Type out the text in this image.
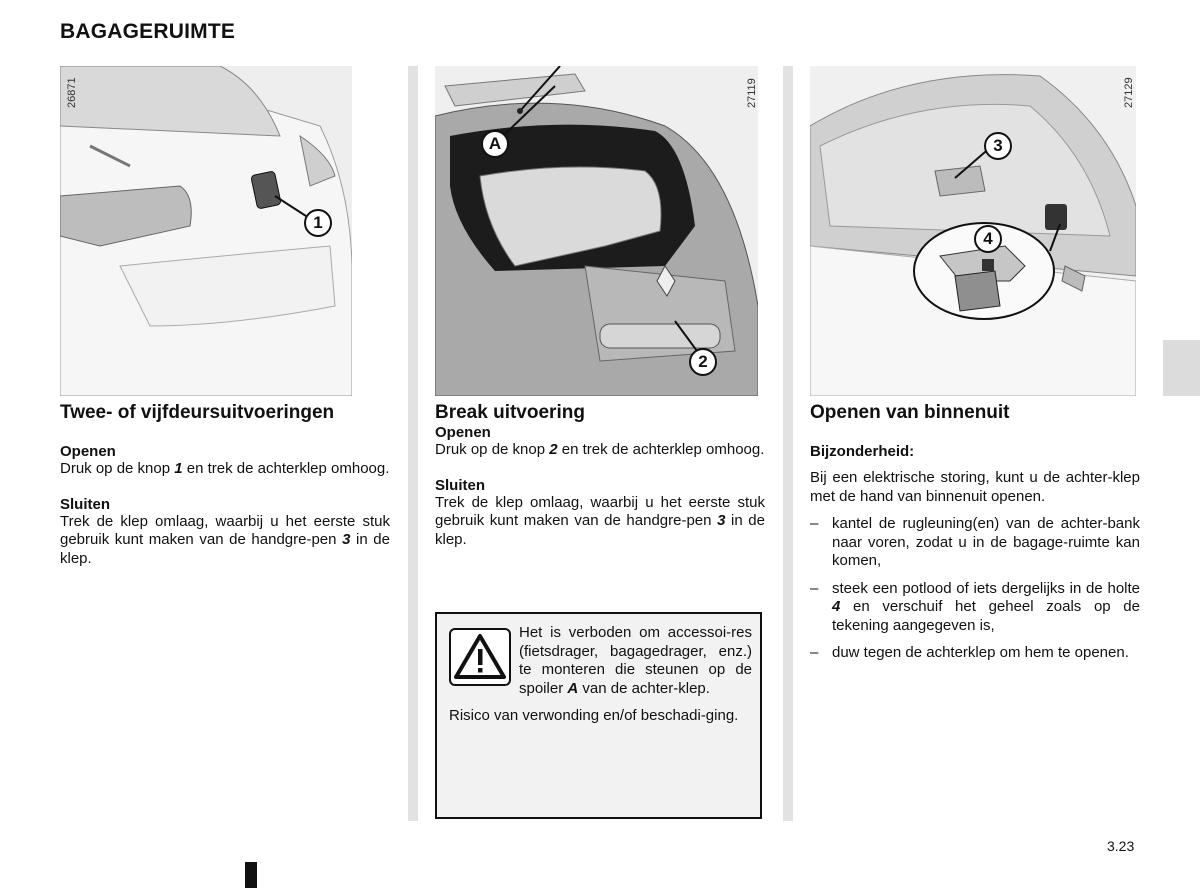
BAGAGERUIMTE
1
26871
A
2
27119
3
4
27129
Twee- of vijfdeursuitvoeringen
Openen
Druk op de knop 1 en trek de achterklep omhoog.
Sluiten
Trek de klep omlaag, waarbij u het eerste stuk gebruik kunt maken van de handgre-pen 3 in de klep.
Break uitvoering
Openen
Druk op de knop 2 en trek de achterklep omhoog.
Sluiten
Trek de klep omlaag, waarbij u het eerste stuk gebruik kunt maken van de handgre-pen 3 in de klep.
Het is verboden om accessoi-res (fietsdrager, bagagedrager, enz.) te monteren die steunen op de spoiler A van de achter-klep.
Risico van verwonding en/of beschadi-ging.
Openen van binnenuit
Bijzonderheid:
Bij een elektrische storing, kunt u de achter-klep met de hand van binnenuit openen.
– kantel de rugleuning(en) van de achter-bank naar voren, zodat u in de bagage-ruimte kan komen,
– steek een potlood of iets dergelijks in de holte 4 en verschuif het geheel zoals op de tekening aangegeven is,
– duw tegen de achterklep om hem te openen.
3.23
